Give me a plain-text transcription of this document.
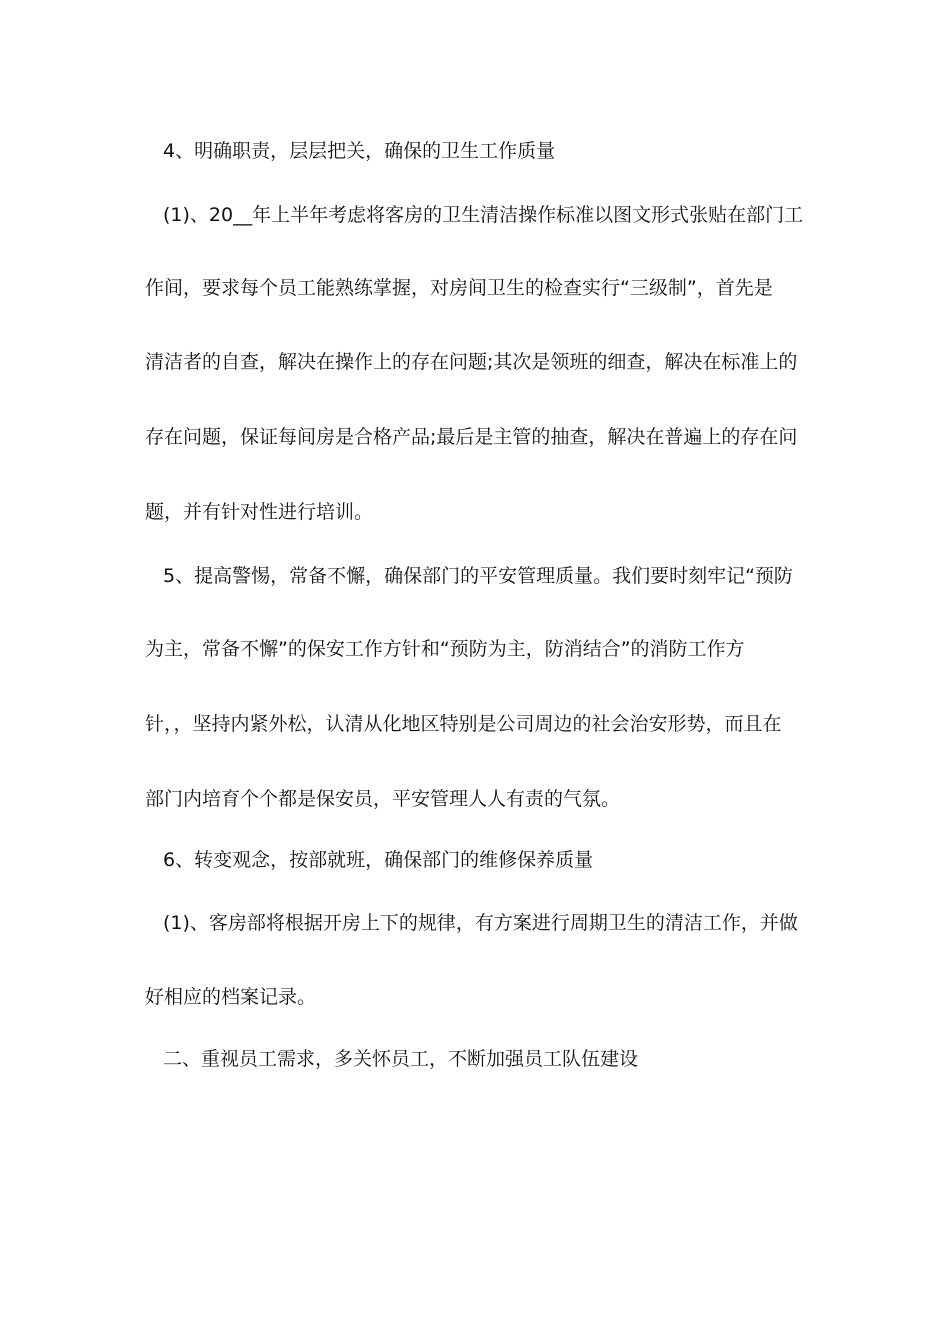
4、明确职责，层层把关，确保的卫生工作质量
(1)、20__年上半年考虑将客房的卫生清洁操作标准以图文形式张贴在部门工
作间，要求每个员工能熟练掌握，对房间卫生的检查实行“三级制”，首先是
清洁者的自查，解决在操作上的存在问题;其次是领班的细查，解决在标准上的
存在问题，保证每间房是合格产品;最后是主管的抽查，解决在普遍上的存在问
题，并有针对性进行培训。
5、提高警惕，常备不懈，确保部门的平安管理质量。我们要时刻牢记“预防
为主，常备不懈”的保安工作方针和“预防为主，防消结合”的消防工作方
针，，坚持内紧外松，认清从化地区特别是公司周边的社会治安形势，而且在
部门内培育个个都是保安员，平安管理人人有责的气氛。
6、转变观念，按部就班，确保部门的维修保养质量
(1)、客房部将根据开房上下的规律，有方案进行周期卫生的清洁工作，并做
好相应的档案记录。
二、重视员工需求，多关怀员工，不断加强员工队伍建设
